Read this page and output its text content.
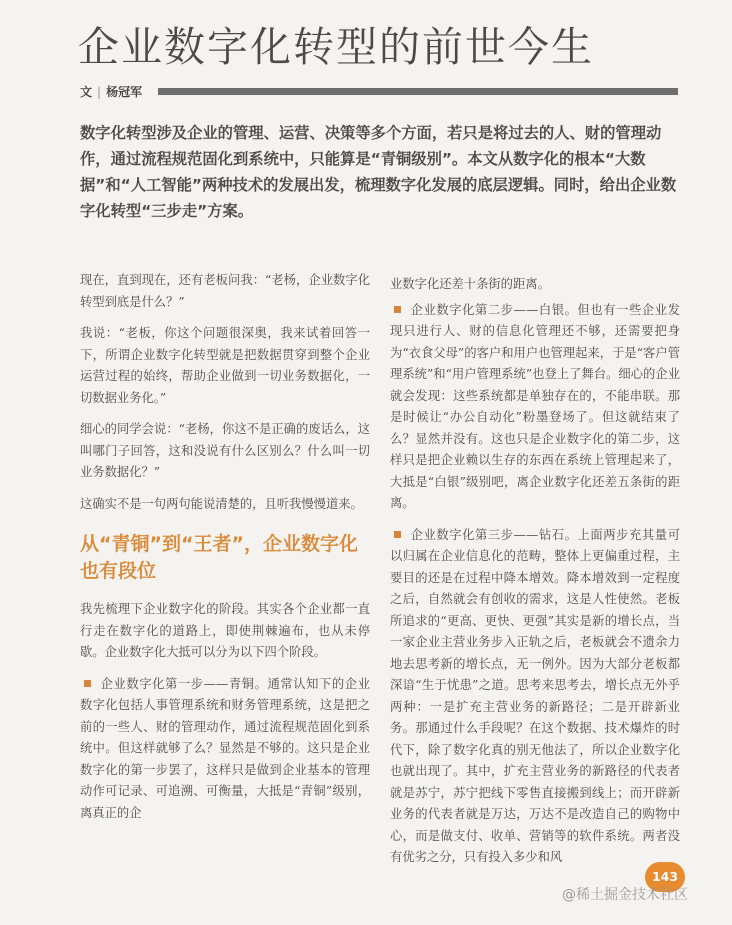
企业数字化转型的前世今生
文 | 杨冠军
数字化转型涉及企业的管理、运营、决策等多个方面，若只是将过去的人、财的管理动作，通过流程规范固化到系统中，只能算是“青铜级别”。本文从数字化的根本“大数据”和“人工智能”两种技术的发展出发，梳理数字化发展的底层逻辑。同时，给出企业数字化转型“三步走”方案。

现在，直到现在，还有老板问我：“老杨，企业数字化转型到底是什么？”

我说：“老板，你这个问题很深奥，我来试着回答一下，所谓企业数字化转型就是把数据贯穿到整个企业运营过程的始终，帮助企业做到一切业务数据化，一切数据业务化。”

细心的同学会说：“老杨，你这不是正确的废话么，这叫哪门子回答，这和没说有什么区别么？什么叫一切业务数据化？”

这确实不是一句两句能说清楚的，且听我慢慢道来。

从“青铜”到“王者”，企业数字化也有段位

我先梳理下企业数字化的阶段。其实各个企业都一直行走在数字化的道路上，即使荆棘遍布，也从未停歇。企业数字化大抵可以分为以下四个阶段。

企业数字化第一步——青铜。通常认知下的企业数字化包括人事管理系统和财务管理系统，这是把之前的一些人、财的管理动作，通过流程规范固化到系统中。但这样就够了么？显然是不够的。这只是企业数字化的第一步罢了，这样只是做到企业基本的管理动作可记录、可追溯、可衡量，大抵是“青铜”级别，离真正的企

业数字化还差十条街的距离。

企业数字化第二步——白银。但也有一些企业发现只进行人、财的信息化管理还不够，还需要把身为“衣食父母”的客户和用户也管理起来，于是“客户管理系统”和“用户管理系统”也登上了舞台。细心的企业就会发现：这些系统都是单独存在的，不能串联。那是时候让“办公自动化”粉墨登场了。但这就结束了么？显然并没有。这也只是企业数字化的第二步，这样只是把企业赖以生存的东西在系统上管理起来了，大抵是“白银”级别吧，离企业数字化还差五条街的距离。

企业数字化第三步——钻石。上面两步充其量可以归属在企业信息化的范畴，整体上更偏重过程，主要目的还是在过程中降本增效。降本增效到一定程度之后，自然就会有创收的需求，这是人性使然。老板所追求的“更高、更快、更强”其实是新的增长点，当一家企业主营业务步入正轨之后，老板就会不遗余力地去思考新的增长点，无一例外。因为大部分老板都深谙“生于忧患”之道。思考来思考去，增长点无外乎两种：一是扩充主营业务的新路径；二是开辟新业务。那通过什么手段呢？在这个数据、技术爆炸的时代下，除了数字化真的别无他法了，所以企业数字化也就出现了。其中，扩充主营业务的新路径的代表者就是苏宁，苏宁把线下零售直接搬到线上；而开辟新业务的代表者就是万达，万达不是改造自己的购物中心，而是做支付、收单、营销等的软件系统。两者没有优劣之分，只有投入多少和风

143
@稀土掘金技术社区
